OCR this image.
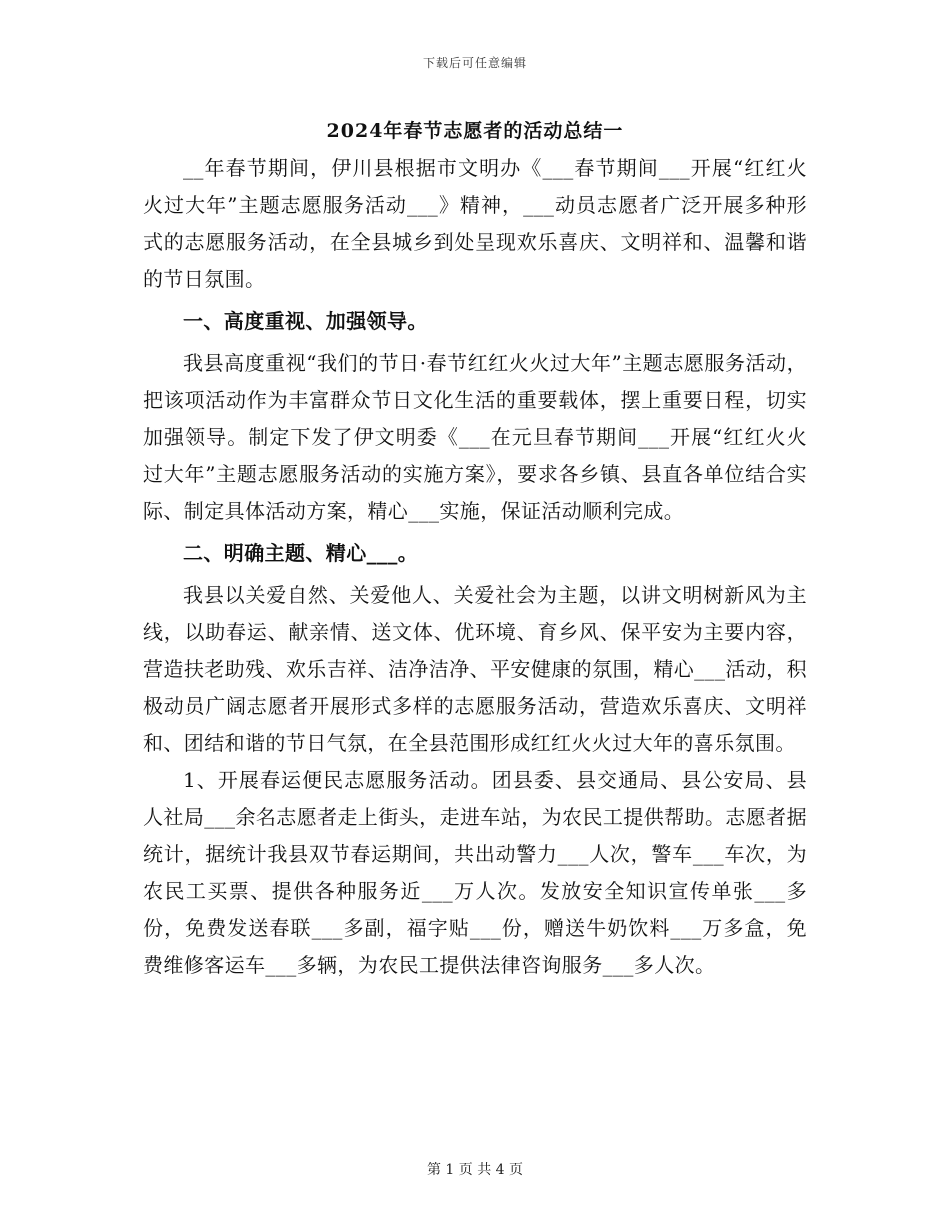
下载后可任意编辑
2024年春节志愿者的活动总结一

__年春节期间，伊川县根据市文明办《___春节期间___开展“红红火火过大年”主题志愿服务活动___》精神，___动员志愿者广泛开展多种形式的志愿服务活动，在全县城乡到处呈现欢乐喜庆、文明祥和、温馨和谐的节日氛围。

一、高度重视、加强领导。

我县高度重视“我们的节日·春节红红火火过大年”主题志愿服务活动，把该项活动作为丰富群众节日文化生活的重要载体，摆上重要日程，切实加强领导。制定下发了伊文明委《___在元旦春节期间___开展“红红火火过大年”主题志愿服务活动的实施方案》，要求各乡镇、县直各单位结合实际、制定具体活动方案，精心___实施，保证活动顺利完成。

二、明确主题、精心___。

我县以关爱自然、关爱他人、关爱社会为主题，以讲文明树新风为主线，以助春运、献亲情、送文体、优环境、育乡风、保平安为主要内容，营造扶老助残、欢乐吉祥、洁净洁净、平安健康的氛围，精心___活动，积极动员广阔志愿者开展形式多样的志愿服务活动，营造欢乐喜庆、文明祥和、团结和谐的节日气氛，在全县范围形成红红火火过大年的喜乐氛围。

1、开展春运便民志愿服务活动。团县委、县交通局、县公安局、县人社局___余名志愿者走上街头，走进车站，为农民工提供帮助。志愿者据统计，据统计我县双节春运期间，共出动警力___人次，警车___车次，为农民工买票、提供各种服务近___万人次。发放安全知识宣传单张___多份，免费发送春联___多副，福字贴___份，赠送牛奶饮料___万多盒，免费维修客运车___多辆，为农民工提供法律咨询服务___多人次。

第 1 页 共 4 页
